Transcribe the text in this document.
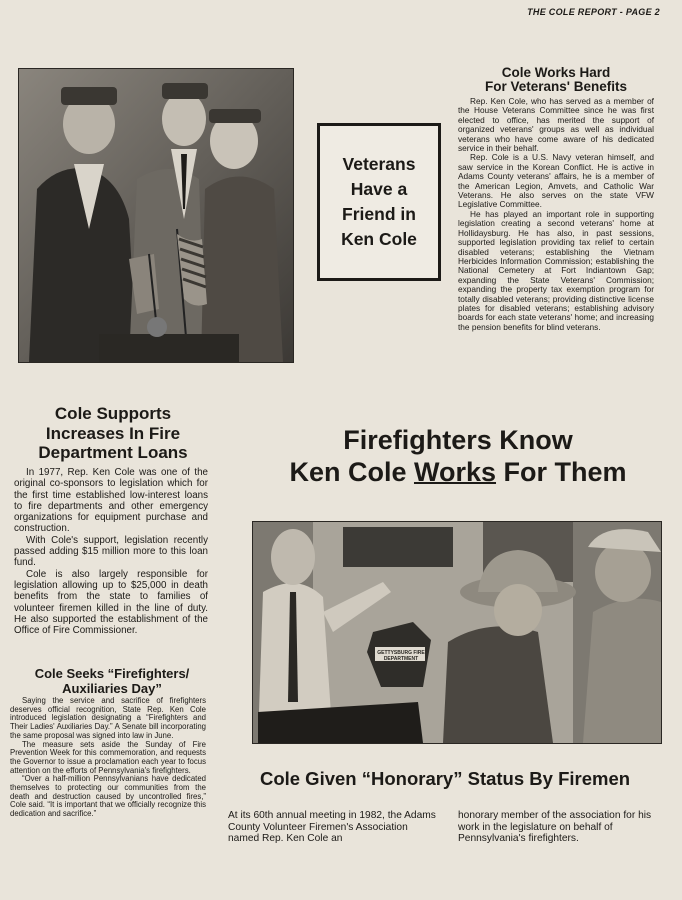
THE COLE REPORT - PAGE 2
Veterans
Have a
Friend in
Ken Cole
Cole Works Hard
For Veterans' Benefits

Rep. Ken Cole, who has served as a member of the House Veterans Committee since he was first elected to office, has merited the support of organized veterans' groups as well as individual veterans who have come aware of his dedicated service in their behalf.

Rep. Cole is a U.S. Navy veteran himself, and saw service in the Korean Conflict. He is active in Adams County veterans' affairs, he is a member of the American Legion, Amvets, and Catholic War Veterans. He also serves on the state VFW Legislative Committee.

He has played an important role in supporting legislation creating a second veterans' home at Hollidaysburg. He has also, in past sessions, supported legislation providing tax relief to certain disabled veterans; establishing the Vietnam Herbicides Information Commission; establishing the National Cemetery at Fort Indiantown Gap; expanding the State Veterans' Commission; expanding the property tax exemption program for totally disabled veterans; providing distinctive license plates for disabled veterans; establishing advisory boards for each state veterans' home; and increasing the pension benefits for blind veterans.

Cole Supports
Increases In Fire
Department Loans

In 1977, Rep. Ken Cole was one of the original co-sponsors to legislation which for the first time established low-interest loans to fire departments and other emergency organizations for equipment purchase and construction.

With Cole's support, legislation recently passed adding $15 million more to this loan fund.

Cole is also largely responsible for legislation allowing up to $25,000 in death benefits from the state to families of volunteer firemen killed in the line of duty. He also supported the establishment of the Office of Fire Commissioner.

Cole Seeks “Firefighters/
Auxiliaries Day”

Saying the service and sacrifice of firefighters deserves official recognition, State Rep. Ken Cole introduced legislation designating a “Firefighters and Their Ladies' Auxiliaries Day.” A Senate bill incorporating the same proposal was signed into law in June.

The measure sets aside the Sunday of Fire Prevention Week for this commemoration, and requests the Governor to issue a proclamation each year to focus attention on the efforts of Pennsylvania's firefighters.

“Over a half-million Pennsylvanians have dedicated themselves to protecting our communities from the death and destruction caused by uncontrolled fires,” Cole said. “It is important that we officially recognize this dedication and sacrifice.”

Firefighters Know
Ken Cole Works For Them
GETTYSBURG FIRE DEPARTMENT
Cole Given “Honorary” Status By Firemen
At its 60th annual meeting in 1982, the Adams County Volunteer Firemen's Association named Rep. Ken Cole an
honorary member of the association for his work in the legislature on behalf of Pennsylvania's firefighters.
